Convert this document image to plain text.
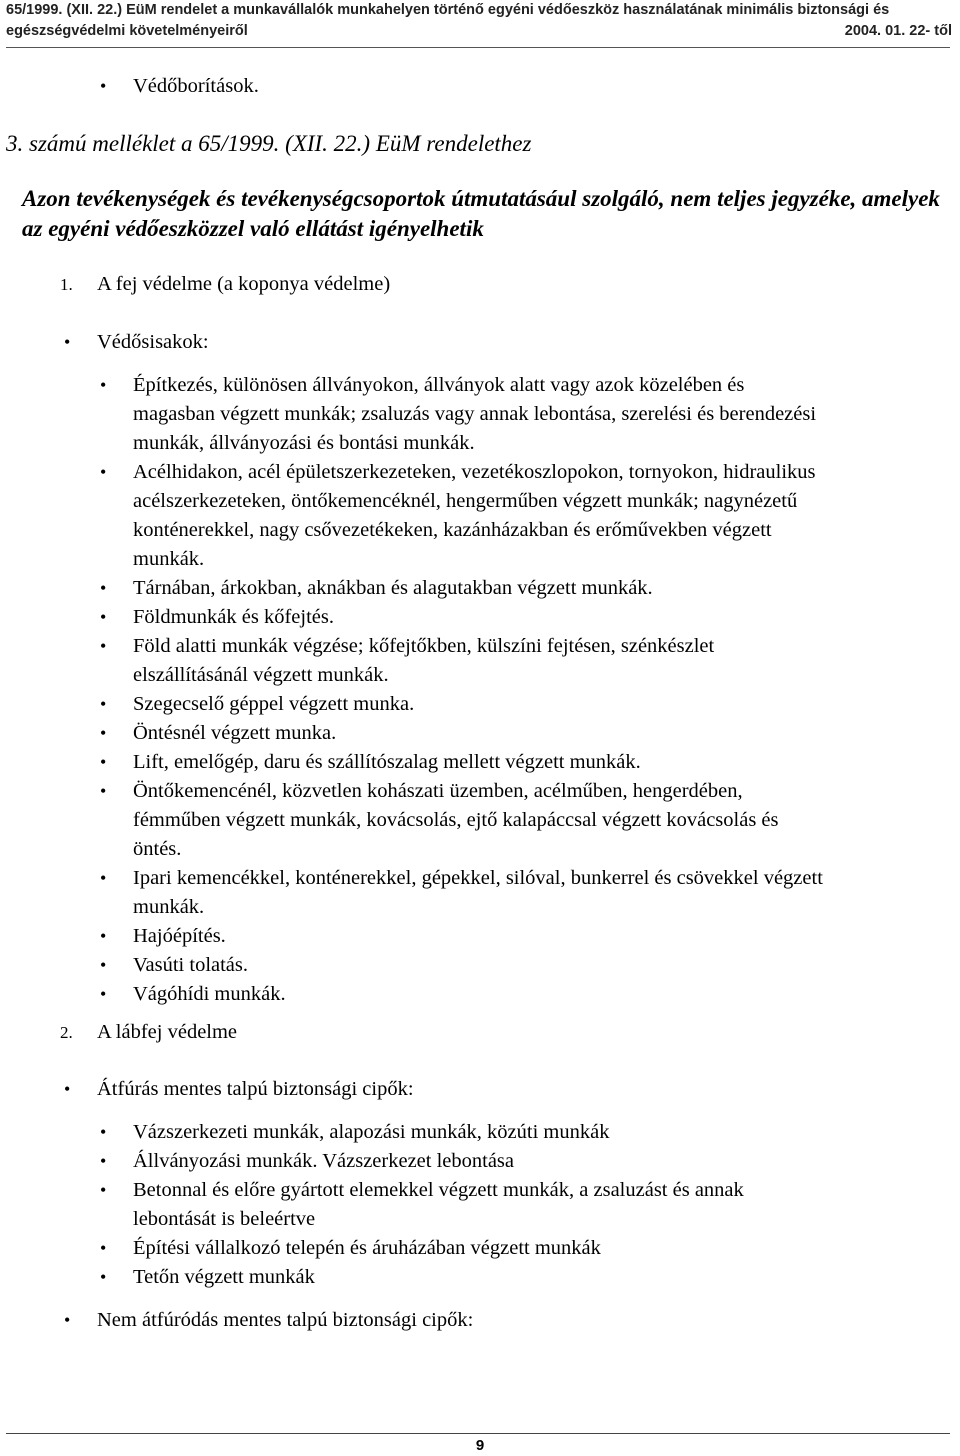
65/1999. (XII. 22.) EüM rendelet a munkavállalók munkahelyen történő egyéni védőeszköz használatának minimális biztonsági és
egészségvédelmi követelményeiről	2004. 01. 22- től
• Védőborítások.
3. számú melléklet a 65/1999. (XII. 22.) EüM rendelethez
Azon tevékenységek és tevékenységcsoportok útmutatásául szolgáló, nem teljes jegyzéke, amelyek az egyéni védőeszközzel való ellátást igényelhetik
1. A fej védelme (a koponya védelme)
• Védősisakok:
• Építkezés, különösen állványokon, állványok alatt vagy azok közelében és
magasban végzett munkák; zsaluzás vagy annak lebontása, szerelési és berendezési
munkák, állványozási és bontási munkák.
• Acélhidakon, acél épületszerkezeteken, vezetékoszlopokon, tornyokon, hidraulikus
acélszerkezeteken, öntőkemencéknél, hengerműben végzett munkák; nagynézetű
konténerekkel, nagy csővezetékeken, kazánházakban és erőművekben végzett
munkák.
• Tárnában, árkokban, aknákban és alagutakban végzett munkák.
• Földmunkák és kőfejtés.
• Föld alatti munkák végzése; kőfejtőkben, külszíni fejtésen, szénkészlet
elszállításánál végzett munkák.
• Szegecselő géppel végzett munka.
• Öntésnél végzett munka.
• Lift, emelőgép, daru és szállítószalag mellett végzett munkák.
• Öntőkemencénél, közvetlen kohászati üzemben, acélműben, hengerdében,
fémműben végzett munkák, kovácsolás, ejtő kalapáccsal végzett kovácsolás és
öntés.
• Ipari kemencékkel, konténerekkel, gépekkel, silóval, bunkerrel és csövekkel végzett
munkák.
• Hajóépítés.
• Vasúti tolatás.
• Vágóhídi munkák.
2. A lábfej védelme
• Átfúrás mentes talpú biztonsági cipők:
• Vázszerkezeti munkák, alapozási munkák, közúti munkák
• Állványozási munkák. Vázszerkezet lebontása
• Betonnal és előre gyártott elemekkel végzett munkák, a zsaluzást és annak
lebontását is beleértve
• Építési vállalkozó telepén és áruházában végzett munkák
• Tetőn végzett munkák
• Nem átfúródás mentes talpú biztonsági cipők:
9
